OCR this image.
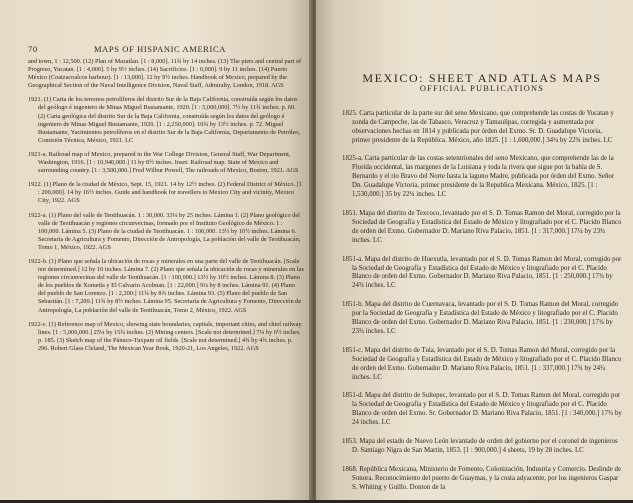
70	MAPS OF HISPANIC AMERICA

and town, 1 : 12,500. (12) Plan of Mazatlan. [1 : 8,000]. 11¾ by 14 inches. (13) The piers and central part of Progreso, Yucatan. [1 : 4,000]. 5 by 9½ inches. (14) Sacrificios. [1 : 6,000]. 9 by 11 inches. (14) Puerto México (Coatzacoalcos harbour). [1 : 13,000]. 12 by 9½ inches. Handbook of Mexico, prepared by the Geographical Section of the Naval Intelligence Division, Naval Staff, Admiralty, London, 1918. AGS

1921. (1) Carta de los terrenos petrolíferos del distrito Sur de la Baja California, construída según los datos del geólogo é ingeniero de Minas Miguel Bustamante, 1920. [1 : 5,000,000]. 7½ by 11¾ inches. p. 60. (2) Carta geológica del distrito Sur de la Baja California, construída según los datos del geólogo é ingeniero de Minas Miguel Bustamante, 1920. [1 : 2,250,000]. 10¾ by 13½ inches. p. 72. Miguel Bustamante, Yacimientos petrolíferos en el distrito Sur de la Baja California, Departamento de Petróleo, Comisión Técnica, México, 1921. LC

1921-a. Railroad map of Mexico, prepared in the War College Division, General Staff, War Department, Washington, 1916. [1 : 10,940,000.] 11 by 8½ inches. Inset: Railroad map. State of Mexico and surrounding country. [1 : 3,500,000.] Fred Wilbur Powell, The railroads of Mexico, Boston, 1921. AGS

1922. (1) Plano de la ciudad de México, Sept. 15, 1921. 14 by 12½ inches. (2) Federal District of México. [1 : 200,000]. 14 by 16½ inches. Guide and handbook for travellers to Mexico City and vicinity, Mexico City, 1922. AGS

1922-a. (1) Plano del valle de Teotihuacán. 1 : 30,000. 33¼ by 25 inches. Lámina 1. (2) Plano geológico del valle de Teotihuacán y regiones circunvecinas, formado por el Instituto Geológico de México. 1 : 100,000. Lámina 5. (3) Plano de la ciudad de Teotihuacán. 1 : 100,000. 13½ by 10½ inches. Lámina 6. Secretaría de Agricultura y Fomento, Dirección de Antropología, La población del valle de Teotihuacán, Tomo 1, México, 1922. AGS

1922-b. (1) Plano que señala la ubicación de rocas y minerales en una parte del valle de Teotihuacán. [Scale not determined.] 12 by 10 inches. Lámina 7. (2) Plano que señala la ubicación de rocas y minerales en las regiones circunvecinas del valle de Teotihuacán. [1 : 100,000.] 13½ by 10½ inches. Lámina 8. (3) Plano de los pueblos de Xometla y El Calvario Acolman. [1 : 22,000.] 9¼ by 8 inches. Lámina 91. (4) Plano del pueblo de San Lorenzo. [1 : 2,200.] 11¾ by 8¾ inches. Lámina 93. (5) Plano del pueblo de San Sebastián. [1 : 7,200.] 11¾ by 8½ inches. Lámina 95. Secretaría de Agricultura y Fomento, Dirección de Antropología, La población del valle de Teotihuacán, Tomo 2, México, 1922. AGS

1922-c. (1) Reference map of Mexico, showing state boundaries, capitals, important cities, and chief railway lines. [1 : 5,000,000.] 25¼ by 15¾ inches. (2) Mining centers. [Scale not determined.] 7¼ by 6½ inches. p. 185. (3) Sketch map of the Pánuco-Tuxpam oil fields. [Scale not determined.] 4¾ by 4¾ inches. p. 296. Robert Glass Cleland, The Mexican Year Book, 1920-21, Los Angeles, 1922. AGS

MEXICO: SHEET AND ATLAS MAPS
OFFICIAL PUBLICATIONS

1825. Carta particular de la parte sur del seno Mexicano, que comprehende las costas de Yucatan y zonda de Campeche, las de Tabasco, Veracruz y Tamaulipas, corregida y aumentada por observaciones hechas en 1814 y publicada por órden del Exmo. Sr. D. Guadalupe Victoria, primer presidente de la República. México, año 1825. [1 : 1,600,000.] 34¼ by 22¾ inches. LC

1825-a. Carta particular de las costas setentrionales del seno Mexicano, que comprehende las de la Florida occidental, las margenes de la Luisiana y toda la rivera que sigue por la bahía de S. Bernardo y el rio Bravo del Norte hasta la laguno Madre, publicada por órden del Exmo. Señor Dn. Guadalupe Victoria, primer presidente de la Republica Mexicana. México, 1825. [1 : 1,530,000.] 35 by 22¼ inches. LC

1851. Mapa del distrito de Texcoco, levantado por el S. D. Tomas Ramon del Moral, corregido por la Sociedad de Geografía y Estadística del Estado de México y litografiado por el C. Placido Blanco de orden del Exmo. Gobernador D. Mariano Riva Palacio, 1851. [1 : 317,000.] 17¼ by 23¾ inches. LC

1851-a. Mapa del distrito de Huexutla, levantado por el S. D. Tomas Ramon del Moral, corregido por la Sociedad de Geografía y Estadística del Estado de México y litografiado por el C. Placido Blanco de orden del Exmo. Gobernador D. Mariano Riva Palacio, 1851. [1 : 250,000.] 17¾ by 24¾ inches. LC

1851-b. Mapa del distrito de Cuernavaca, levantado por el S. D. Tomas Ramon del Moral, corregido por la Sociedad de Geografía y Estadística del Estado de México y litografiado por el C. Placido Blanco de orden del Exmo. Gobernador D. Mariano Riva Palacio, 1851. [1 : 230,000.] 17¾ by 23¾ inches. LC

1851-c. Mapa del distrito de Tula, levantado por el S. D. Tomas Ramon del Moral, corregido por la Sociedad de Geografía y Estadística del Estado de México y litografiado por el C. Placido Blanco de orden del Exmo. Gobernador D. Mariano Riva Palacio, 1851. [1 : 337,000.] 17¾ by 24¾ inches. LC

1851-d. Mapa del distrito de Sultepec, levantado por el S. D. Tomas Ramon del Moral, corregido por la Sociedad de Geografía y Estadística del Estado de México y litografiado por el C. Placido Blanco de orden del Exmo. Sr. Gobernador D. Mariano Riva Palacio, 1851. [1 : 340,000.] 17¾ by 24 inches. LC

1853. Mapa del estado de Nuevo León levantado de orden del gobierno por el coronel de ingenieros D. Santiago Nigra de San Martin, 1853. [1 : 900,000.] 4 sheets, 19 by 28 inches. LC

1868. República Mexicana, Ministerio de Fomento, Colonización, Industria y Comercio. Deslinde de Sonora. Reconocimiento del puerto de Guaymas, y la costa adyacente, por los ingenieros Gaspar S. Whiting y Guillo. Donton de la
